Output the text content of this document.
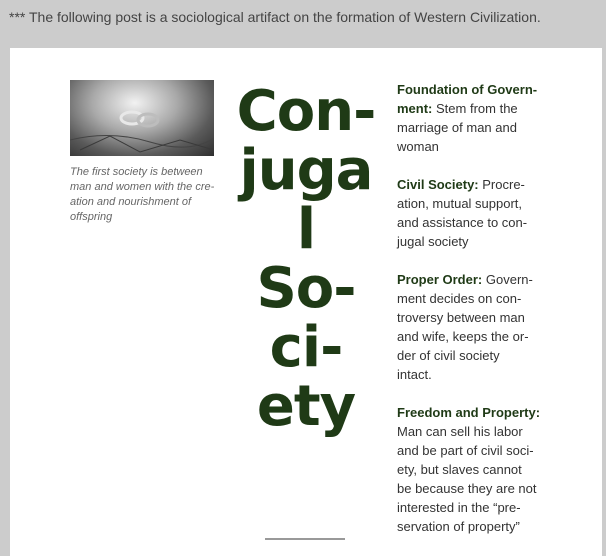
*** The following post is a sociological artifact on the formation of Western Civilization.
The first society is between
man and women with the cre-
ation and nourishment of
offspring
Con-
juga
l
So-
ci-
ety
Foundation of Govern-
ment: Stem from the
marriage of man and
woman
Civil Society: Procre-
ation, mutual support,
and assistance to con-
jugal society
Proper Order: Govern-
ment decides on con-
troversy between man
and wife, keeps the or-
der of civil society
intact.
Freedom and Property:
Man can sell his labor
and be part of civil soci-
ety, but slaves cannot
be because they are not
interested in the “pre-
servation of property”
